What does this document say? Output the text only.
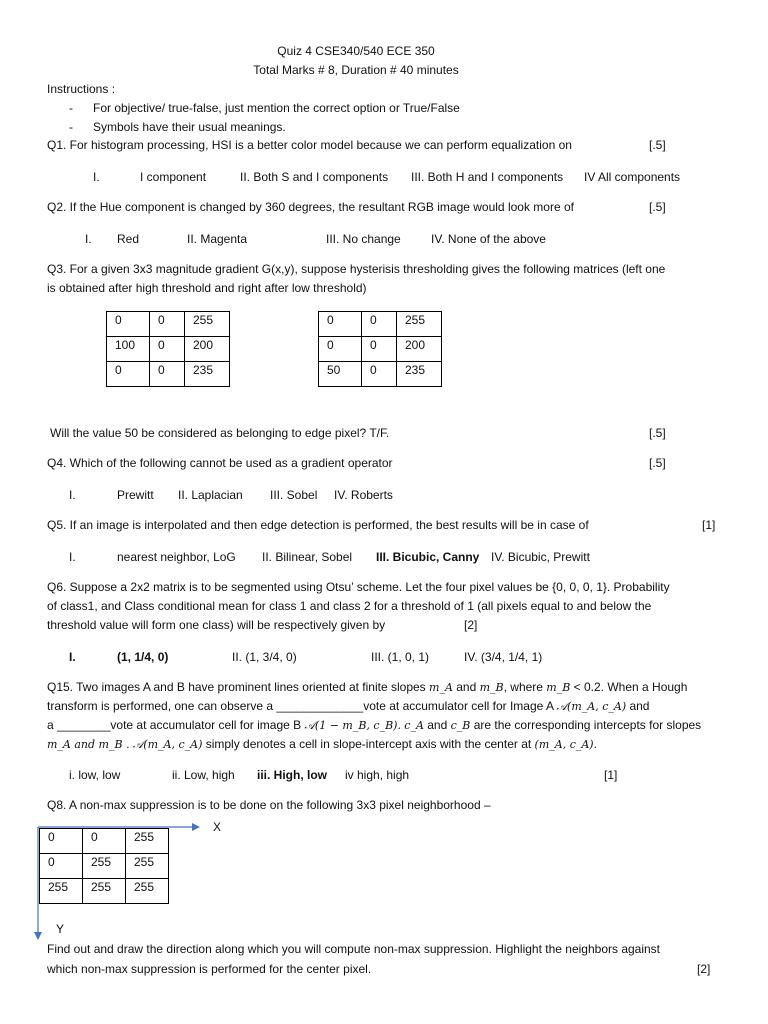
Quiz 4 CSE340/540 ECE 350
Total Marks # 8, Duration # 40 minutes
Instructions :
- For objective/ true-false, just mention the correct option or True/False
- Symbols have their usual meanings.
Q1. For histogram processing, HSI is a better color model because we can perform equalization on	[.5]
I.	I component	II. Both S and I components III. Both H and I components IV All components
Q2. If the Hue component is changed by 360 degrees, the resultant RGB image would look more of	[.5]
I. Red	II. Magenta	III. No change	IV. None of the above
Q3. For a given 3x3 magnitude gradient G(x,y), suppose hysterisis thresholding gives the following matrices (left one
is obtained after high threshold and right after low threshold)
0	0	255
100	0	200
0	0	235
0	0	255
0	0	200
50	0	235
Will the value 50 be considered as belonging to edge pixel? T/F.	[.5]
Q4. Which of the following cannot be used as a gradient operator	[.5]
I.	Prewitt II. Laplacian III. Sobel IV. Roberts
Q5. If an image is interpolated and then edge detection is performed, the best results will be in case of	[1]
I.	nearest neighbor, LoG II. Bilinear, Sobel III. Bicubic, Canny IV. Bicubic, Prewitt
Q6. Suppose a 2x2 matrix is to be segmented using Otsu’ scheme. Let the four pixel values be {0, 0, 0, 1}. Probability
of class1, and Class conditional mean for class 1 and class 2 for a threshold of 1 (all pixels equal to and below the
threshold value will form one class) will be respectively given by	[2]
I.	(1, 1/4, 0)	II. (1, 3/4, 0)	III. (1, 0, 1)	IV. (3/4, 1/4, 1)
Q15. Two images A and B have prominent lines oriented at finite slopes m_A and m_B, where m_B < 0.2. When a Hough
transform is performed, one can observe a _____________vote at accumulator cell for Image A 𝒜(m_A, c_A) and
a ________vote at accumulator cell for image B 𝒜(1 − m_B, c_B). c_A and c_B are the corresponding intercepts for slopes
m_A and m_B . 𝒜(m_A, c_A) simply denotes a cell in slope-intercept axis with the center at (m_A, c_A).
i. low, low	ii. Low, high iii. High, low iv high, high	[1]
Q8. A non-max suppression is to be done on the following 3x3 pixel neighborhood –
0	0	255
0	255	255
255	255	255
X
Y
Find out and draw the direction along which you will compute non-max suppression. Highlight the neighbors against
which non-max suppression is performed for the center pixel.	[2]
